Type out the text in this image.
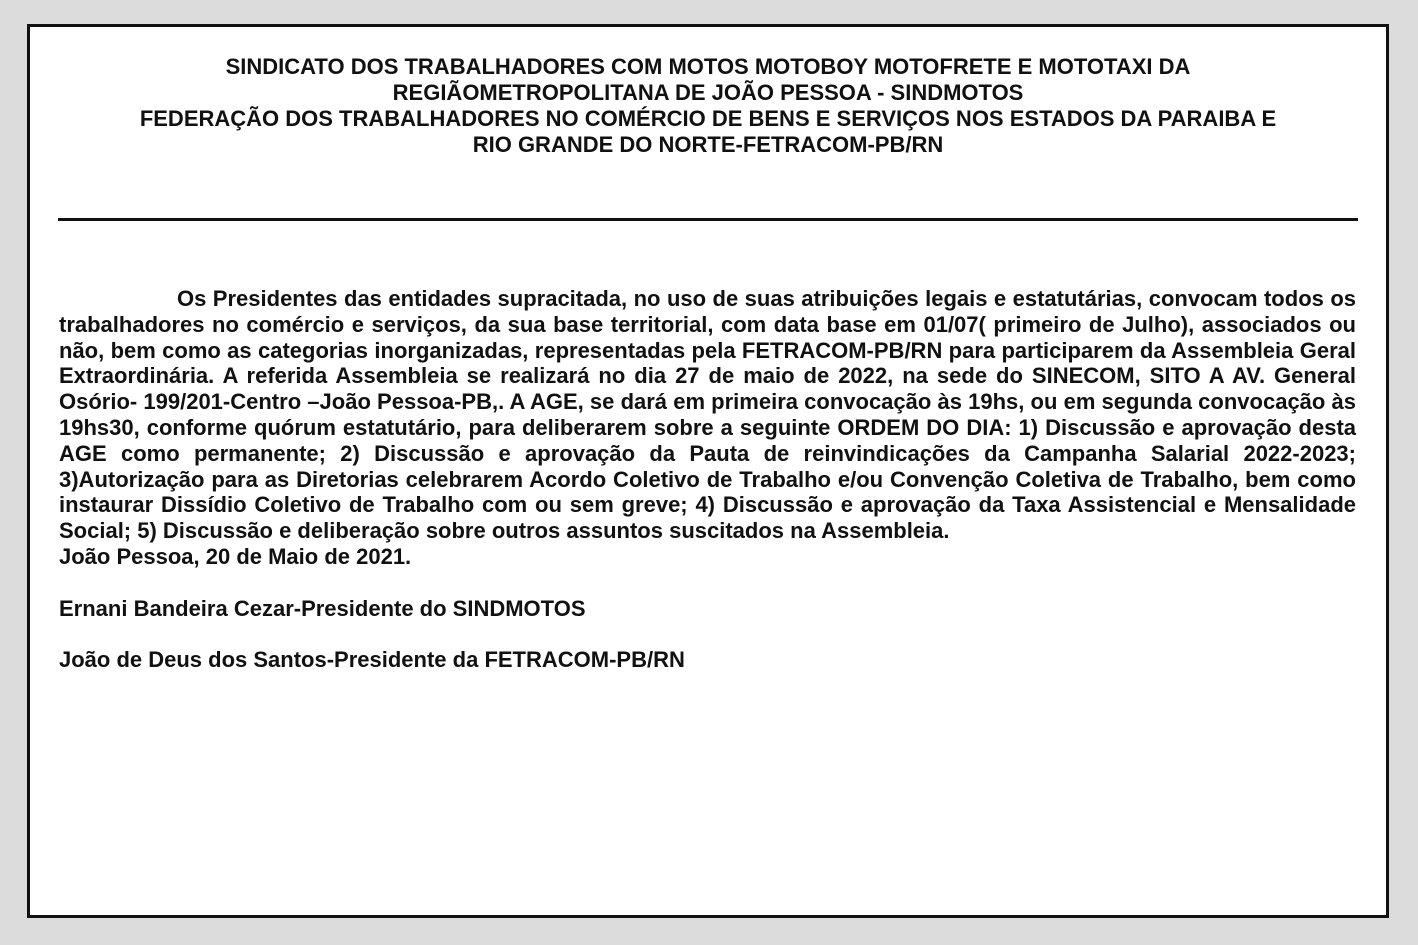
SINDICATO DOS TRABALHADORES COM MOTOS MOTOBOY MOTOFRETE E MOTOTAXI DA
REGIÃOMETROPOLITANA DE JOÃO PESSOA - SINDMOTOS
FEDERAÇÃO DOS TRABALHADORES NO COMÉRCIO DE BENS E SERVIÇOS NOS ESTADOS DA PARAIBA E
RIO GRANDE DO NORTE-FETRACOM-PB/RN

Os Presidentes das entidades supracitada, no uso de suas atribuições legais e estatutárias, convocam todos os trabalhadores no comércio e serviços, da sua base territorial, com data base em 01/07( primeiro de Julho), associados ou não, bem como as categorias inorganizadas, representadas pela FETRACOM-PB/RN para participarem da Assembleia Geral Extraordinária. A referida Assembleia se realizará no dia 27 de maio de 2022, na sede do SINECOM, SITO A AV. General Osório- 199/201-Centro –João Pessoa-PB,. A AGE, se dará em primeira convocação às 19hs, ou em segunda convocação às 19hs30, conforme quórum estatutário, para deliberarem sobre a seguinte ORDEM DO DIA: 1) Discussão e aprovação desta AGE como permanente; 2) Discussão e aprovação da Pauta de reinvindicações da Campanha Salarial 2022-2023; 3)Autorização para as Diretorias celebrarem Acordo Coletivo de Trabalho e/ou Convenção Coletiva de Trabalho, bem como instaurar Dissídio Coletivo de Trabalho com ou sem greve; 4) Discussão e aprovação da Taxa Assistencial e Mensalidade Social; 5) Discussão e deliberação sobre outros assuntos suscitados na Assembleia.

João Pessoa, 20 de Maio de 2021.

Ernani Bandeira Cezar-Presidente do SINDMOTOS

João de Deus dos Santos-Presidente da FETRACOM-PB/RN
